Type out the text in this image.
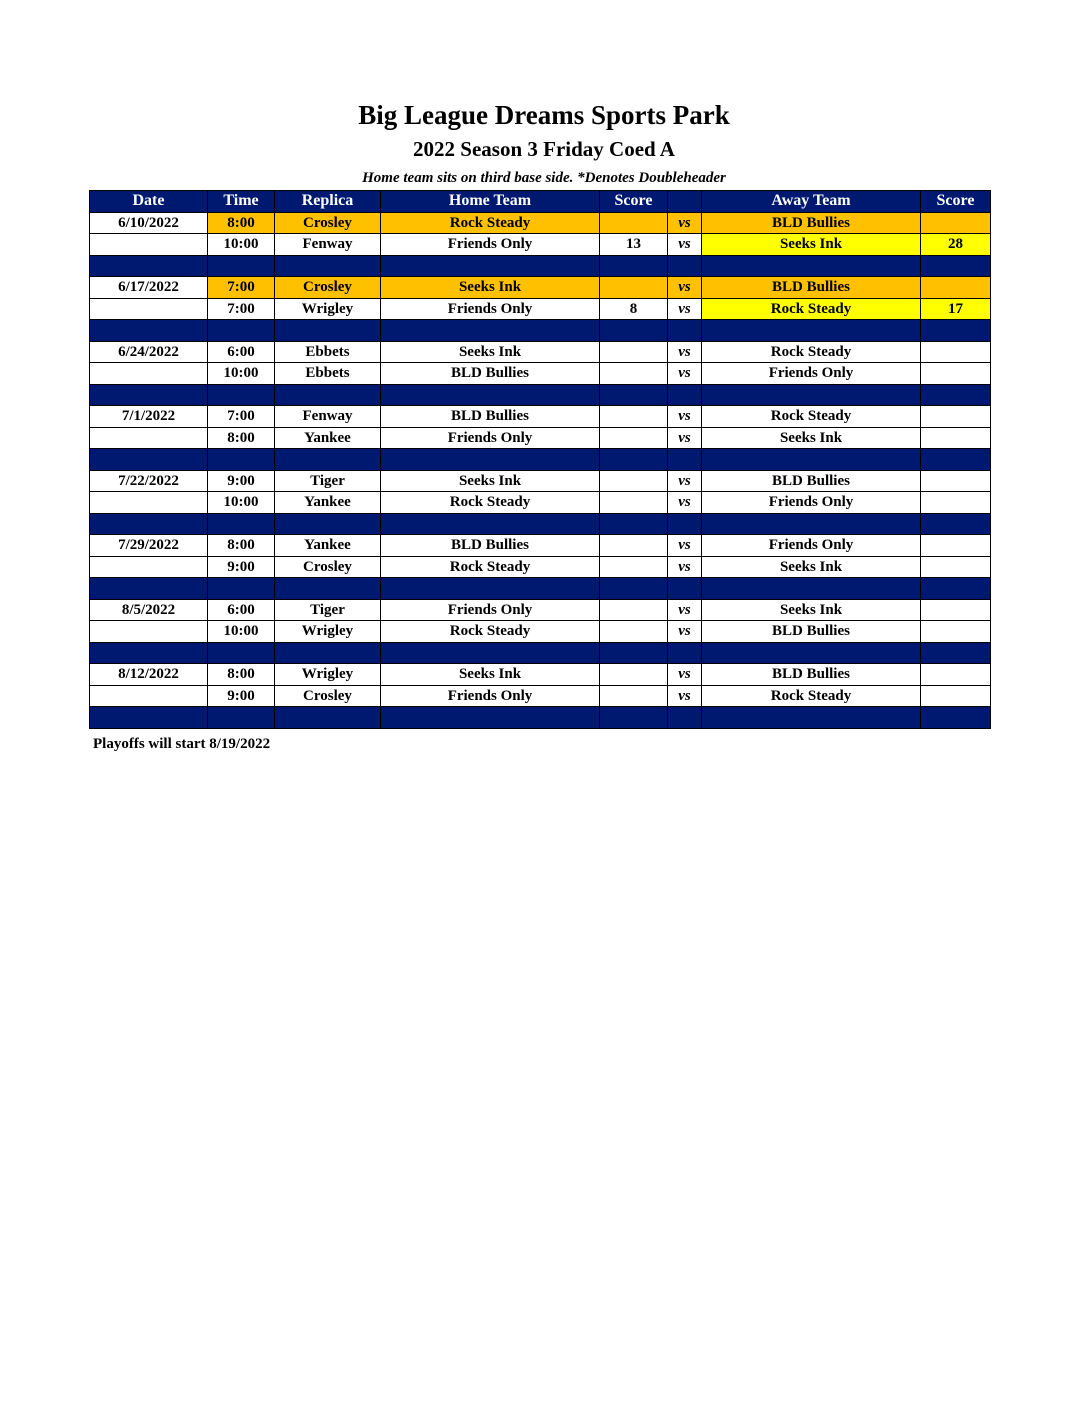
Big League Dreams Sports Park
2022 Season 3 Friday Coed A
Home team sits on third base side. *Denotes Doubleheader
Date	Time	Replica	Home Team	Score		Away Team	Score
6/10/2022	8:00	Crosley	Rock Steady		vs	BLD Bullies	
	10:00	Fenway	Friends Only	13	vs	Seeks Ink	28

6/17/2022	7:00	Crosley	Seeks Ink		vs	BLD Bullies	
	7:00	Wrigley	Friends Only	8	vs	Rock Steady	17

6/24/2022	6:00	Ebbets	Seeks Ink		vs	Rock Steady	
	10:00	Ebbets	BLD Bullies		vs	Friends Only	

7/1/2022	7:00	Fenway	BLD Bullies		vs	Rock Steady	
	8:00	Yankee	Friends Only		vs	Seeks Ink	

7/22/2022	9:00	Tiger	Seeks Ink		vs	BLD Bullies	
	10:00	Yankee	Rock Steady		vs	Friends Only	

7/29/2022	8:00	Yankee	BLD Bullies		vs	Friends Only	
	9:00	Crosley	Rock Steady		vs	Seeks Ink	

8/5/2022	6:00	Tiger	Friends Only		vs	Seeks Ink	
	10:00	Wrigley	Rock Steady		vs	BLD Bullies	

8/12/2022	8:00	Wrigley	Seeks Ink		vs	BLD Bullies	
	9:00	Crosley	Friends Only		vs	Rock Steady	

Playoffs will start 8/19/2022
